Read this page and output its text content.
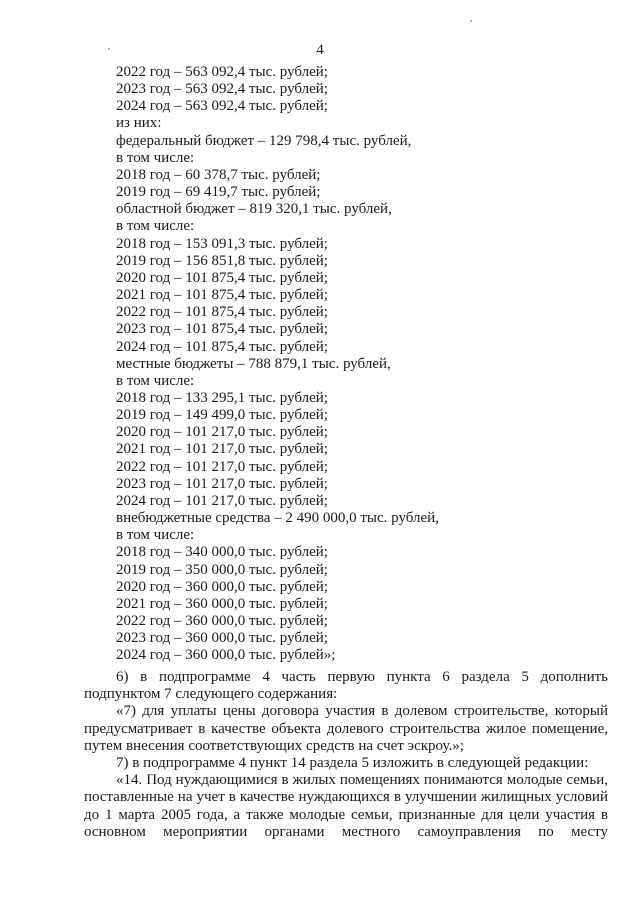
4
2022 год – 563 092,4 тыс. рублей;
2023 год – 563 092,4 тыс. рублей;
2024 год – 563 092,4 тыс. рублей;
из них:
федеральный бюджет – 129 798,4 тыс. рублей,
в том числе:
2018 год – 60 378,7 тыс. рублей;
2019 год – 69 419,7 тыс. рублей;
областной бюджет – 819 320,1 тыс. рублей,
в том числе:
2018 год – 153 091,3 тыс. рублей;
2019 год – 156 851,8 тыс. рублей;
2020 год – 101 875,4 тыс. рублей;
2021 год – 101 875,4 тыс. рублей;
2022 год – 101 875,4 тыс. рублей;
2023 год – 101 875,4 тыс. рублей;
2024 год – 101 875,4 тыс. рублей;
местные бюджеты – 788 879,1 тыс. рублей,
в том числе:
2018 год – 133 295,1 тыс. рублей;
2019 год – 149 499,0 тыс. рублей;
2020 год – 101 217,0 тыс. рублей;
2021 год – 101 217,0 тыс. рублей;
2022 год – 101 217,0 тыс. рублей;
2023 год – 101 217,0 тыс. рублей;
2024 год – 101 217,0 тыс. рублей;
внебюджетные средства – 2 490 000,0 тыс. рублей,
в том числе:
2018 год – 340 000,0 тыс. рублей;
2019 год – 350 000,0 тыс. рублей;
2020 год – 360 000,0 тыс. рублей;
2021 год – 360 000,0 тыс. рублей;
2022 год – 360 000,0 тыс. рублей;
2023 год – 360 000,0 тыс. рублей;
2024 год – 360 000,0 тыс. рублей»;

6) в подпрограмме 4 часть первую пункта 6 раздела 5 дополнить подпунктом 7 следующего содержания:

«7) для уплаты цены договора участия в долевом строительстве, который предусматривает в качестве объекта долевого строительства жилое помещение, путем внесения соответствующих средств на счет эскроу.»;

7) в подпрограмме 4 пункт 14 раздела 5 изложить в следующей редакции:

«14. Под нуждающимися в жилых помещениях понимаются молодые семьи, поставленные на учет в качестве нуждающихся в улучшении жилищных условий до 1 марта 2005 года, а также молодые семьи, признанные для цели участия в основном мероприятии органами местного самоуправления по месту
